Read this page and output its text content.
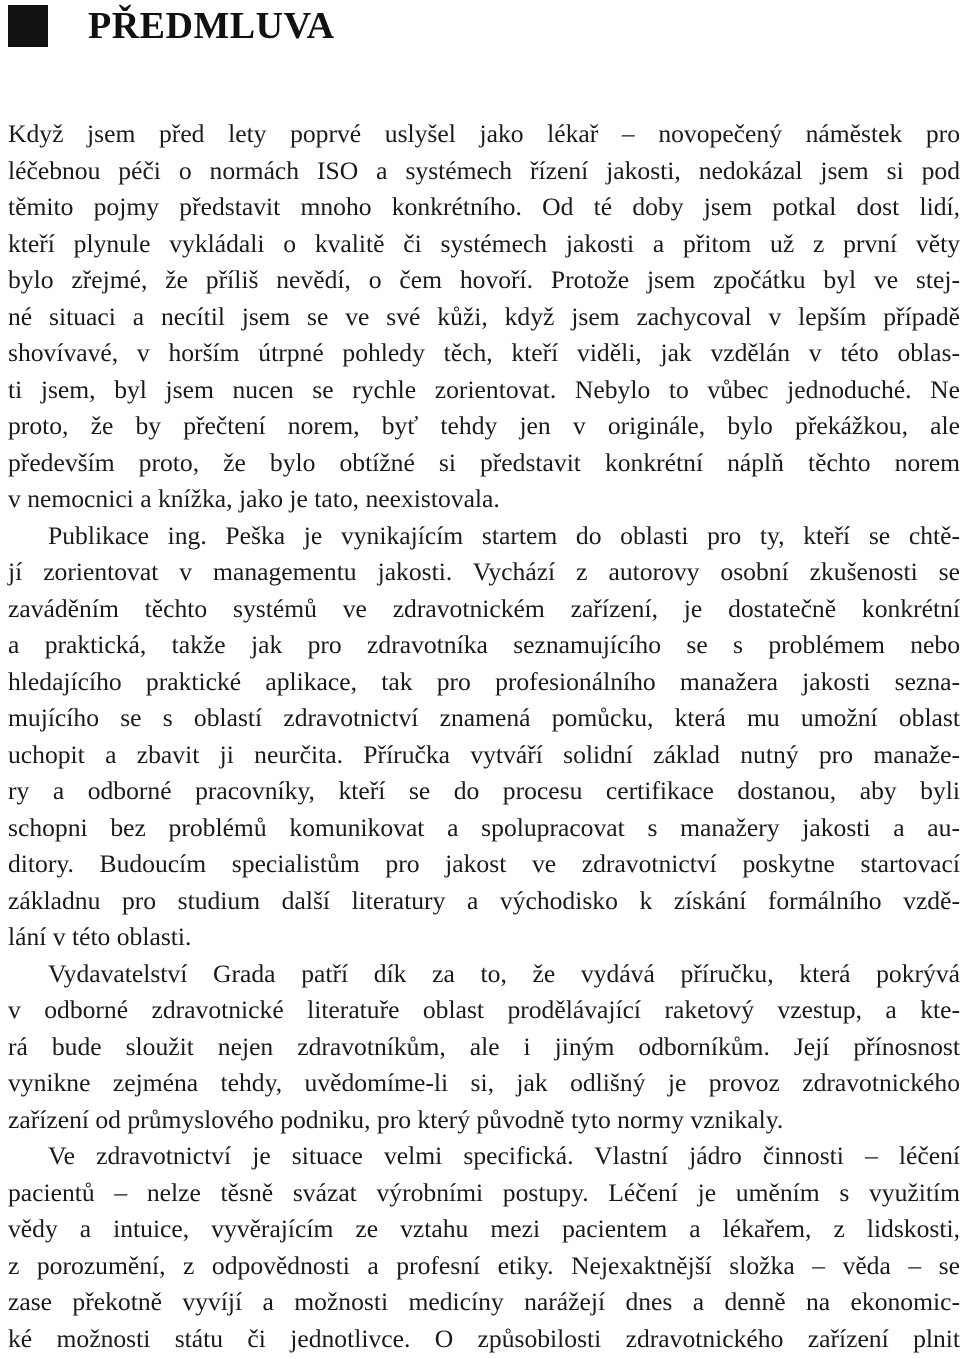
PŘEDMLUVA
Když jsem před lety poprvé uslyšel jako lékař – novopečený náměstek pro
léčebnou péči o normách ISO a systémech řízení jakosti, nedokázal jsem si pod
těmito pojmy představit mnoho konkrétního. Od té doby jsem potkal dost lidí,
kteří plynule vykládali o kvalitě či systémech jakosti a přitom už z první věty
bylo zřejmé, že příliš nevědí, o čem hovoří. Protože jsem zpočátku byl ve stej-
né situaci a necítil jsem se ve své kůži, když jsem zachycoval v lepším případě
shovívavé, v horším útrpné pohledy těch, kteří viděli, jak vzdělán v této oblas-
ti jsem, byl jsem nucen se rychle zorientovat. Nebylo to vůbec jednoduché. Ne
proto, že by přečtení norem, byť tehdy jen v originále, bylo překážkou, ale
především proto, že bylo obtížné si představit konkrétní náplň těchto norem
v nemocnici a knížka, jako je tato, neexistovala.
Publikace ing. Peška je vynikajícím startem do oblasti pro ty, kteří se chtě-
jí zorientovat v managementu jakosti. Vychází z autorovy osobní zkušenosti se
zaváděním těchto systémů ve zdravotnickém zařízení, je dostatečně konkrétní
a praktická, takže jak pro zdravotníka seznamujícího se s problémem nebo
hledajícího praktické aplikace, tak pro profesionálního manažera jakosti sezna-
mujícího se s oblastí zdravotnictví znamená pomůcku, která mu umožní oblast
uchopit a zbavit ji neurčita. Příručka vytváří solidní základ nutný pro manaže-
ry a odborné pracovníky, kteří se do procesu certifikace dostanou, aby byli
schopni bez problémů komunikovat a spolupracovat s manažery jakosti a au-
ditory. Budoucím specialistům pro jakost ve zdravotnictví poskytne startovací
základnu pro studium další literatury a východisko k získání formálního vzdě-
lání v této oblasti.
Vydavatelství Grada patří dík za to, že vydává příručku, která pokrývá
v odborné zdravotnické literatuře oblast prodělávající raketový vzestup, a kte-
rá bude sloužit nejen zdravotníkům, ale i jiným odborníkům. Její přínosnost
vynikne zejména tehdy, uvědomíme-li si, jak odlišný je provoz zdravotnického
zařízení od průmyslového podniku, pro který původně tyto normy vznikaly.
Ve zdravotnictví je situace velmi specifická. Vlastní jádro činnosti – léčení
pacientů – nelze těsně svázat výrobními postupy. Léčení je uměním s využitím
vědy a intuice, vyvěrajícím ze vztahu mezi pacientem a lékařem, z lidskosti,
z porozumění, z odpovědnosti a profesní etiky. Nejexaktnější složka – věda – se
zase překotně vyvíjí a možnosti medicíny narážejí dnes a denně na ekonomic-
ké možnosti státu či jednotlivce. O způsobilosti zdravotnického zařízení plnit
